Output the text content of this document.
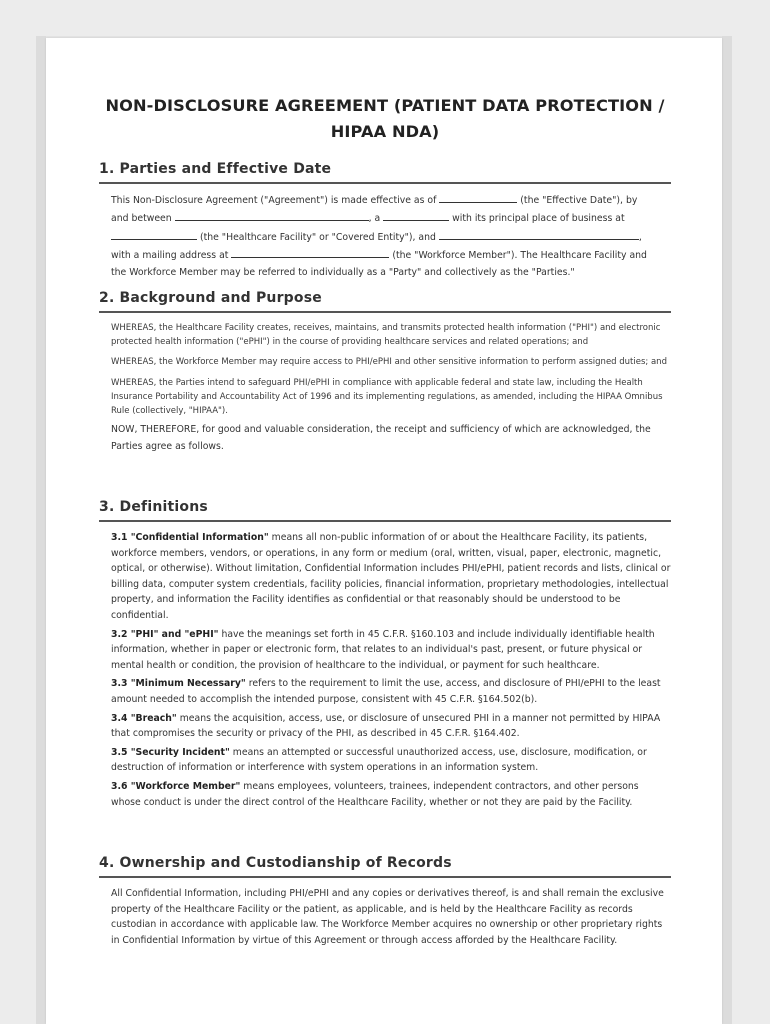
NON-DISCLOSURE AGREEMENT (PATIENT DATA PROTECTION / HIPAA NDA)
1. Parties and Effective Date

This Non-Disclosure Agreement ("Agreement") is made effective as of	(the "Effective Date"), by
and between	, a	with its principal place of business at
(the "Healthcare Facility" or "Covered Entity"), and	,
with a mailing address at	(the "Workforce Member"). The Healthcare Facility and
the Workforce Member may be referred to individually as a "Party" and collectively as the "Parties."

2. Background and Purpose

WHEREAS, the Healthcare Facility creates, receives, maintains, and transmits protected health information ("PHI") and electronic protected health information ("ePHI") in the course of providing healthcare services and related operations; and

WHEREAS, the Workforce Member may require access to PHI/ePHI and other sensitive information to perform assigned duties; and

WHEREAS, the Parties intend to safeguard PHI/ePHI in compliance with applicable federal and state law, including the Health Insurance Portability and Accountability Act of 1996 and its implementing regulations, as amended, including the HIPAA Omnibus Rule (collectively, "HIPAA").

NOW, THEREFORE, for good and valuable consideration, the receipt and sufficiency of which are acknowledged, the Parties agree as follows.

3. Definitions

3.1 "Confidential Information" means all non-public information of or about the Healthcare Facility, its patients, workforce members, vendors, or operations, in any form or medium (oral, written, visual, paper, electronic, magnetic, optical, or otherwise). Without limitation, Confidential Information includes PHI/ePHI, patient records and lists, clinical or billing data, computer system credentials, facility policies, financial information, proprietary methodologies, intellectual property, and information the Facility identifies as confidential or that reasonably should be understood to be confidential.

3.2 "PHI" and "ePHI" have the meanings set forth in 45 C.F.R. §160.103 and include individually identifiable health information, whether in paper or electronic form, that relates to an individual's past, present, or future physical or mental health or condition, the provision of healthcare to the individual, or payment for such healthcare.

3.3 "Minimum Necessary" refers to the requirement to limit the use, access, and disclosure of PHI/ePHI to the least amount needed to accomplish the intended purpose, consistent with 45 C.F.R. §164.502(b).

3.4 "Breach" means the acquisition, access, use, or disclosure of unsecured PHI in a manner not permitted by HIPAA that compromises the security or privacy of the PHI, as described in 45 C.F.R. §164.402.

3.5 "Security Incident" means an attempted or successful unauthorized access, use, disclosure, modification, or destruction of information or interference with system operations in an information system.

3.6 "Workforce Member" means employees, volunteers, trainees, independent contractors, and other persons whose conduct is under the direct control of the Healthcare Facility, whether or not they are paid by the Facility.

4. Ownership and Custodianship of Records

All Confidential Information, including PHI/ePHI and any copies or derivatives thereof, is and shall remain the exclusive property of the Healthcare Facility or the patient, as applicable, and is held by the Healthcare Facility as records custodian in accordance with applicable law. The Workforce Member acquires no ownership or other proprietary rights in Confidential Information by virtue of this Agreement or through access afforded by the Healthcare Facility.
